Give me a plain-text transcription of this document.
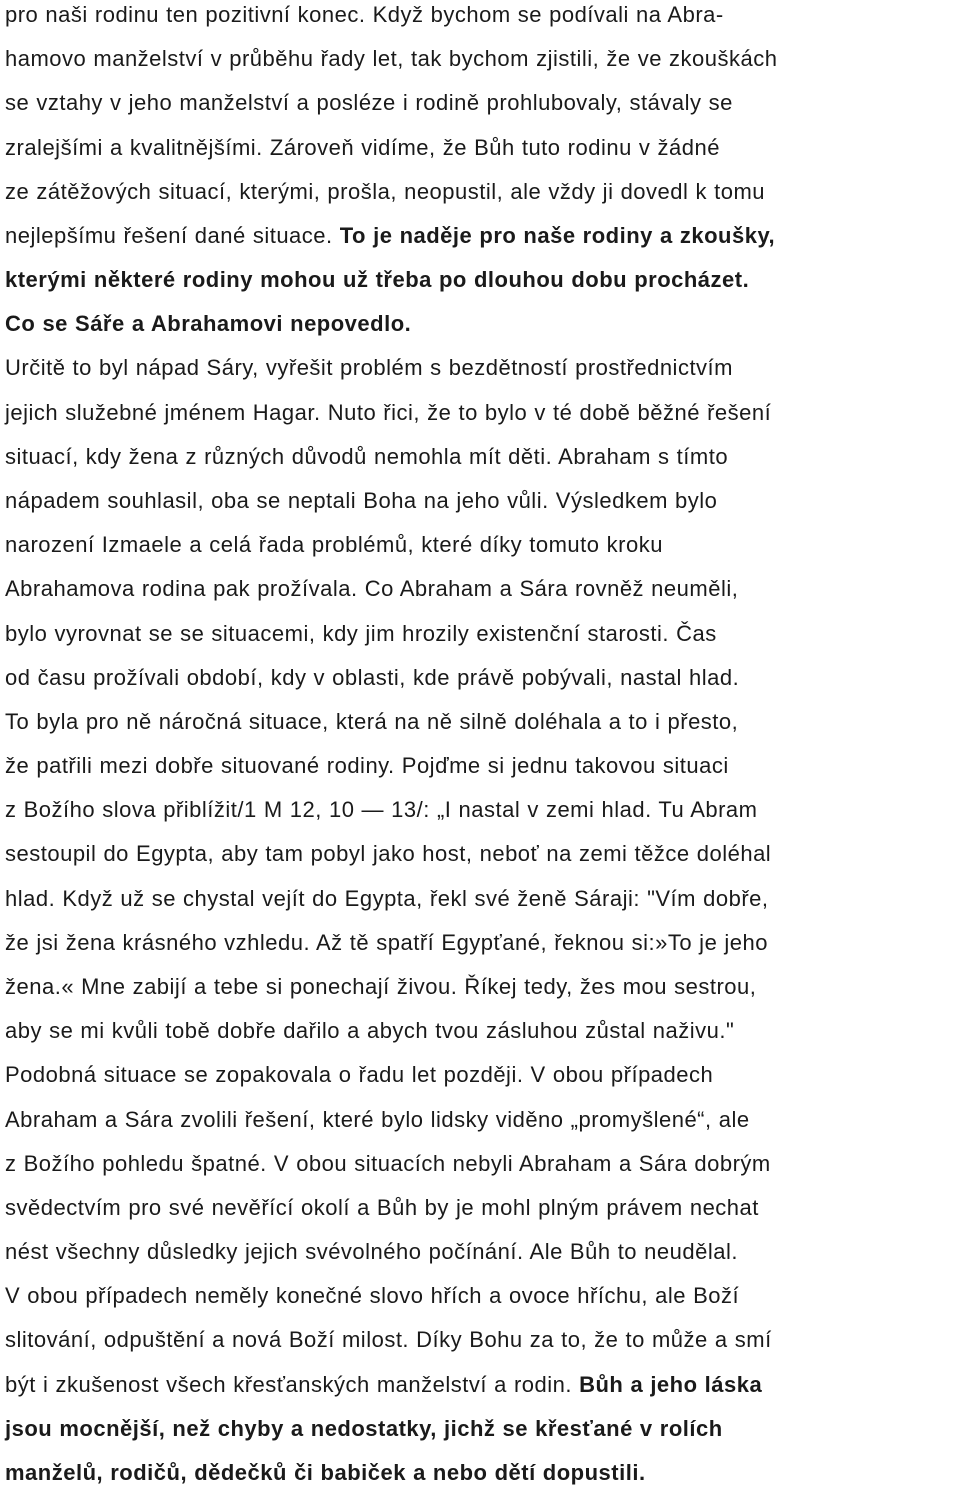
pro naši rodinu ten pozitivní konec. Když bychom se podívali na Abra-
hamovo manželství v průběhu řady let, tak bychom zjistili, že ve zkouškách
se vztahy v jeho manželství a posléze i rodině prohlubovaly, stávaly se
zralejšími a kvalitnějšími. Zároveň vidíme, že Bůh tuto rodinu v žádné
ze zátěžových situací, kterými, prošla, neopustil, ale vždy ji dovedl k tomu
nejlepšímu řešení dané situace. To je naděje pro naše rodiny a zkoušky,
kterými některé rodiny mohou už třeba po dlouhou dobu procházet.
Co se Sáře a Abrahamovi nepovedlo.
Určitě to byl nápad Sáry, vyřešit problém s bezdětností prostřednictvím
jejich služebné jménem Hagar. Nuto řici, že to bylo v té době běžné řešení
situací, kdy žena z různých důvodů nemohla mít děti. Abraham s tímto
nápadem souhlasil, oba se neptali Boha na jeho vůli. Výsledkem bylo
narození Izmaele a celá řada problémů, které díky tomuto kroku
Abrahamova rodina pak prožívala. Co Abraham a Sára rovněž neuměli,
bylo vyrovnat se se situacemi, kdy jim hrozily existenční starosti. Čas
od času prožívali období, kdy v oblasti, kde právě pobývali, nastal hlad.
To byla pro ně náročná situace, která na ně silně doléhala a to i přesto,
že patřili mezi dobře situované rodiny. Pojďme si jednu takovou situaci
z Božího slova přiblížit/1 M 12, 10 — 13/: „I nastal v zemi hlad. Tu Abram
sestoupil do Egypta, aby tam pobyl jako host, neboť na zemi těžce doléhal
hlad. Když už se chystal vejít do Egypta, řekl své ženě Sáraji: "Vím dobře,
že jsi žena krásného vzhledu. Až tě spatří Egypťané, řeknou si:»To je jeho
žena.« Mne zabijí a tebe si ponechají živou. Říkej tedy, žes mou sestrou,
aby se mi kvůli tobě dobře dařilo a abych tvou zásluhou zůstal naživu."
Podobná situace se zopakovala o řadu let později. V obou případech
Abraham a Sára zvolili řešení, které bylo lidsky viděno „promyšlené“, ale
z Božího pohledu špatné. V obou situacích nebyli Abraham a Sára dobrým
svědectvím pro své nevěřící okolí a Bůh by je mohl plným právem nechat
nést všechny důsledky jejich svévolného počínání. Ale Bůh to neudělal.
V obou případech neměly konečné slovo hřích a ovoce hříchu, ale Boží
slitování, odpuštění a nová Boží milost. Díky Bohu za to, že to může a smí
být i zkušenost všech křesťanských manželství a rodin. Bůh a jeho láska
jsou mocnější, než chyby a nedostatky, jichž se křesťané v rolích
manželů, rodičů, dědečků či babiček a nebo dětí dopustili.
